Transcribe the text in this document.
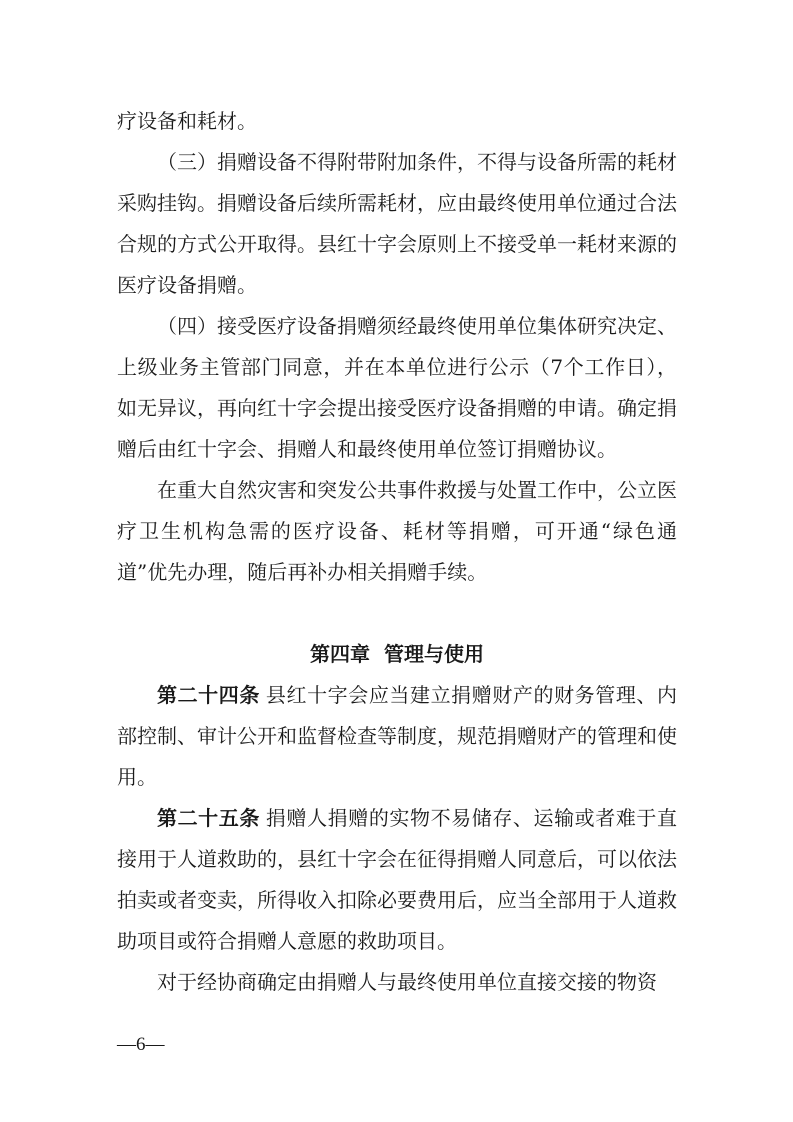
疗设备和耗材。

（三）捐赠设备不得附带附加条件，不得与设备所需的耗材采购挂钩。捐赠设备后续所需耗材，应由最终使用单位通过合法合规的方式公开取得。县红十字会原则上不接受单一耗材来源的医疗设备捐赠。

（四）接受医疗设备捐赠须经最终使用单位集体研究决定、上级业务主管部门同意，并在本单位进行公示（7个工作日），如无异议，再向红十字会提出接受医疗设备捐赠的申请。确定捐赠后由红十字会、捐赠人和最终使用单位签订捐赠协议。

在重大自然灾害和突发公共事件救援与处置工作中，公立医疗卫生机构急需的医疗设备、耗材等捐赠，可开通“绿色通道”优先办理，随后再补办相关捐赠手续。

第四章  管理与使用

第二十四条 县红十字会应当建立捐赠财产的财务管理、内部控制、审计公开和监督检查等制度，规范捐赠财产的管理和使用。

第二十五条 捐赠人捐赠的实物不易储存、运输或者难于直接用于人道救助的，县红十字会在征得捐赠人同意后，可以依法拍卖或者变卖，所得收入扣除必要费用后，应当全部用于人道救助项目或符合捐赠人意愿的救助项目。

对于经协商确定由捐赠人与最终使用单位直接交接的物资

—6—
